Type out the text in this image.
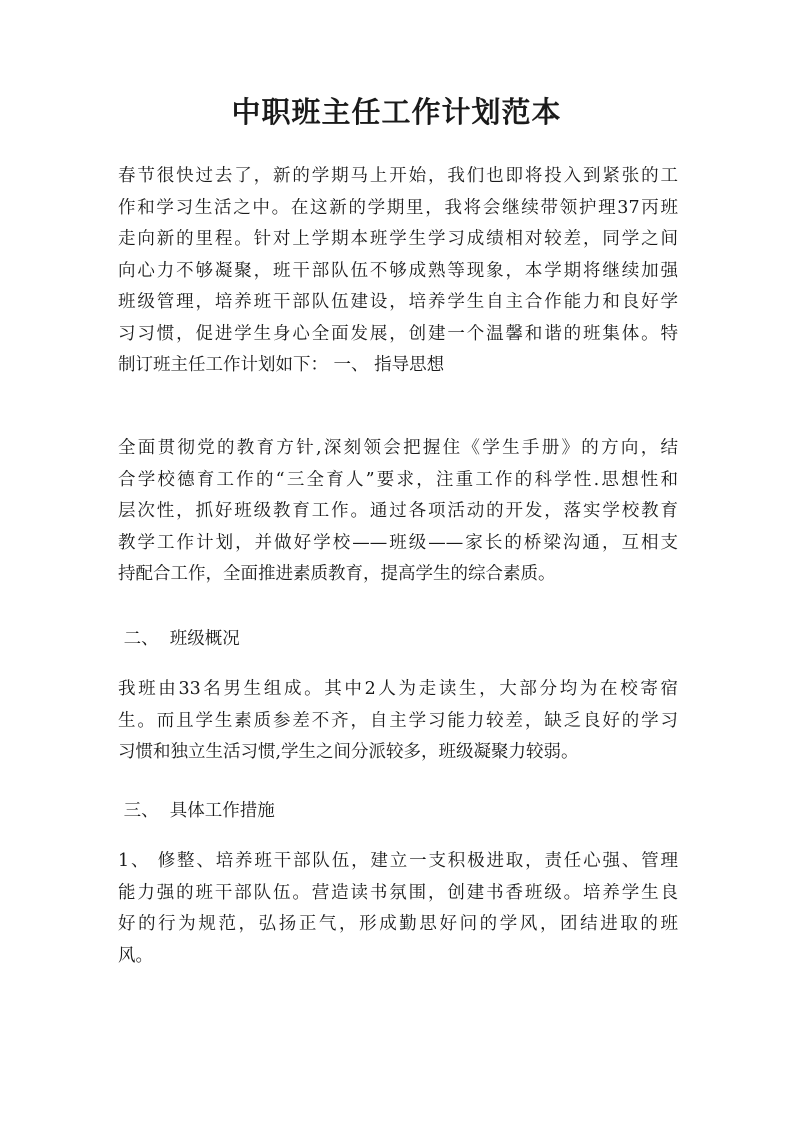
中职班主任工作计划范本
春节很快过去了，新的学期马上开始，我们也即将投入到紧张的工
作和学习生活之中。在这新的学期里，我将会继续带领护理37丙班
走向新的里程。针对上学期本班学生学习成绩相对较差，同学之间
向心力不够凝聚，班干部队伍不够成熟等现象，本学期将继续加强
班级管理，培养班干部队伍建设，培养学生自主合作能力和良好学
习习惯，促进学生身心全面发展，创建一个温馨和谐的班集体。特
制订班主任工作计划如下： 一、 指导思想
全面贯彻党的教育方针,深刻领会把握住《学生手册》的方向，结
合学校德育工作的“三全育人”要求，注重工作的科学性.思想性和
层次性，抓好班级教育工作。通过各项活动的开发，落实学校教育
教学工作计划，并做好学校——班级——家长的桥梁沟通，互相支
持配合工作，全面推进素质教育，提高学生的综合素质。
二、  班级概况
我班由33名男生组成。其中2人为走读生，大部分均为在校寄宿
生。而且学生素质参差不齐，自主学习能力较差，缺乏良好的学习
习惯和独立生活习惯,学生之间分派较多，班级凝聚力较弱。
三、  具体工作措施
1、 修整、培养班干部队伍，建立一支积极进取，责任心强、管理
能力强的班干部队伍。营造读书氛围，创建书香班级。培养学生良
好的行为规范，弘扬正气，形成勤思好问的学风，团结进取的班
风。
